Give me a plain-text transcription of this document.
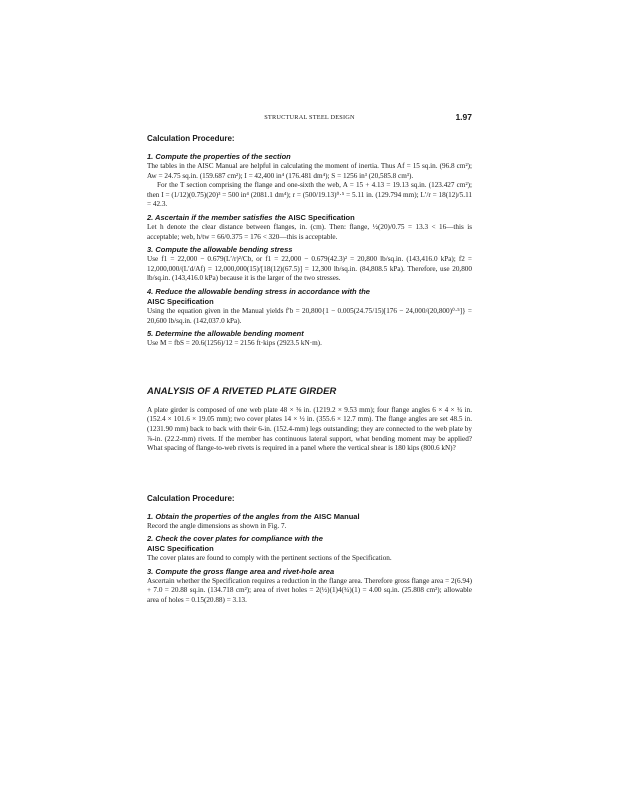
STRUCTURAL STEEL DESIGN	1.97
Calculation Procedure:
1. Compute the properties of the section

The tables in the AISC Manual are helpful in calculating the moment of inertia. Thus Af = 15 sq.in. (96.8 cm²); Aw = 24.75 sq.in. (159.687 cm²); I = 42,400 in⁴ (176.481 dm⁴); S = 1256 in³ (20,585.8 cm³).

For the T section comprising the flange and one-sixth the web, A = 15 + 4.13 = 19.13 sq.in. (123.427 cm²); then I = (1/12)(0.75)(20)³ = 500 in⁴ (2081.1 dm⁴); r = (500/19.13)⁰·⁵ = 5.11 in. (129.794 mm); L′/r = 18(12)/5.11 = 42.3.

2. Ascertain if the member satisfies the AISC Specification

Let h denote the clear distance between flanges, in. (cm). Then: flange, ½(20)/0.75 = 13.3 < 16—this is acceptable; web, h/tw = 66/0.375 = 176 < 320—this is acceptable.

3. Compute the allowable bending stress

Use f1 = 22,000 − 0.679(L′/r)²/Cb, or f1 = 22,000 − 0.679(42.3)² = 20,800 lb/sq.in. (143,416.0 kPa); f2 = 12,000,000/(L′d/Af) = 12,000,000(15)/[18(12)(67.5)] = 12,300 lb/sq.in. (84,808.5 kPa). Therefore, use 20,800 lb/sq.in. (143,416.0 kPa) because it is the larger of the two stresses.

4. Reduce the allowable bending stress in accordance with the
AISC Specification

Using the equation given in the Manual yields f′b = 20,800{1 − 0.005(24.75/15)[176 − 24,000/(20,800)⁰·⁵]} = 20,600 lb/sq.in. (142,037.0 kPa).

5. Determine the allowable bending moment

Use M = fbS = 20.6(1256)/12 = 2156 ft·kips (2923.5 kN·m).

ANALYSIS OF A RIVETED PLATE GIRDER

A plate girder is composed of one web plate 48 × ⅜ in. (1219.2 × 9.53 mm); four flange angles 6 × 4 × ¾ in. (152.4 × 101.6 × 19.05 mm); two cover plates 14 × ½ in. (355.6 × 12.7 mm). The flange angles are set 48.5 in. (1231.90 mm) back to back with their 6-in. (152.4-mm) legs outstanding; they are connected to the web plate by ⅞-in. (22.2-mm) rivets. If the member has continuous lateral support, what bending moment may be applied? What spacing of flange-to-web rivets is required in a panel where the vertical shear is 180 kips (800.6 kN)?

Calculation Procedure:
1. Obtain the properties of the angles from the AISC Manual

Record the angle dimensions as shown in Fig. 7.

2. Check the cover plates for compliance with the
AISC Specification

The cover plates are found to comply with the pertinent sections of the Specification.

3. Compute the gross flange area and rivet-hole area

Ascertain whether the Specification requires a reduction in the flange area. Therefore gross flange area = 2(6.94) + 7.0 = 20.88 sq.in. (134.718 cm²); area of rivet holes = 2(½)(1)4(¾)(1) = 4.00 sq.in. (25.808 cm²); allowable area of holes = 0.15(20.88) = 3.13.
